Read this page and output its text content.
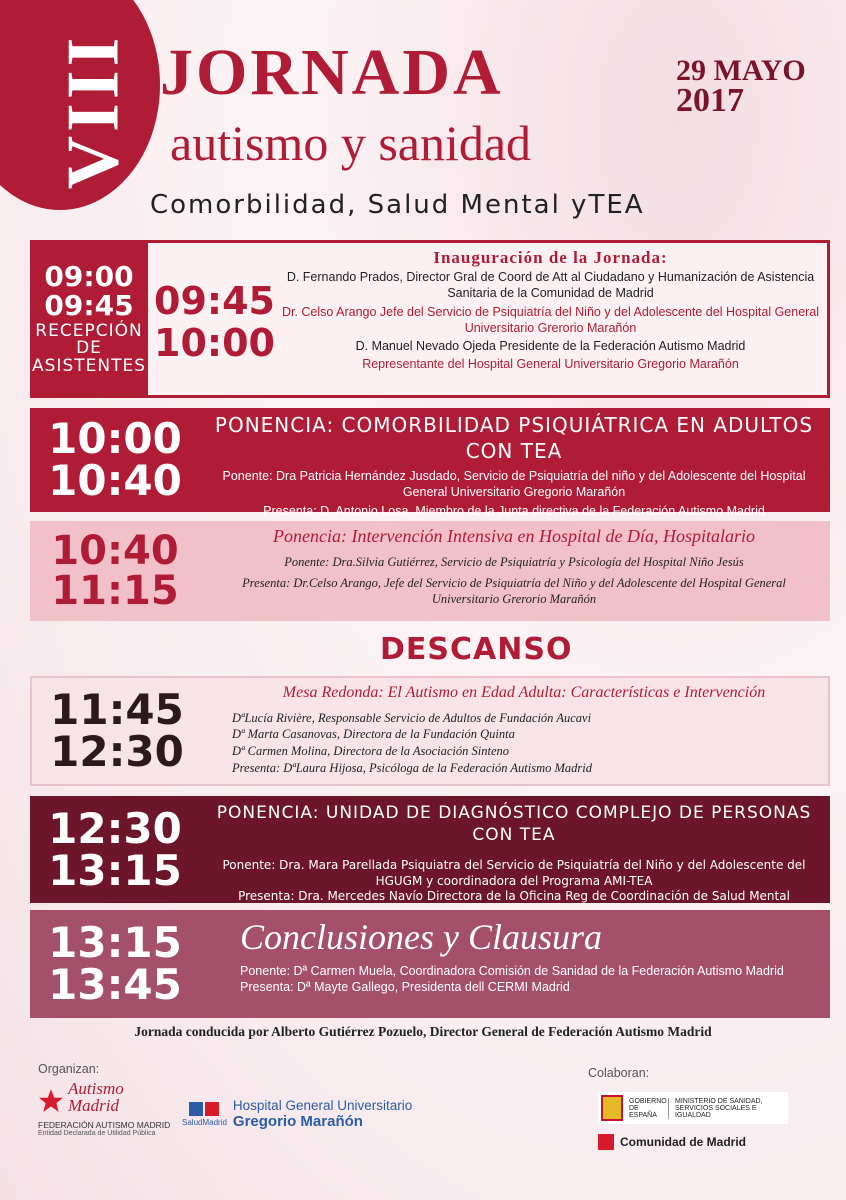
VIII JORNADA
autismo y sanidad
Comorbilidad, Salud Mental yTEA
29 MAYO
2017
09:00
09:45
RECEPCIÓN DE ASISTENTES
09:45
10:00
Inauguración de la Jornada:
D. Fernando Prados, Director Gral de Coord de Att al Ciudadano y Humanización de Asistencia Sanitaria de la Comunidad de Madrid
Dr. Celso Arango Jefe del Servicio de Psiquiatría del Niño y del Adolescente del Hospital General Universitario Grerorio Marañón
D. Manuel Nevado Ojeda Presidente de la Federación Autismo Madrid
Representante del Hospital General Universitario Gregorio Marañón
10:00
10:40
PONENCIA: COMORBILIDAD PSIQUIÁTRICA EN ADULTOS CON TEA
Ponente: Dra Patricia Hernández Jusdado, Servicio de Psiquiatría del niño y del Adolescente del Hospital General Universitario Gregorio Marañón
Presenta: D. Antonio Losa, Miembro de la Junta directiva de la Federación Autismo Madrid
10:40
11:15
Ponencia: Intervención Intensiva en Hospital de Día, Hospitalario
Ponente: Dra.Silvia Gutiérrez, Servicio de Psiquiatría y Psicología del Hospital Niño Jesús
Presenta: Dr.Celso Arango, Jefe del Servicio de Psiquiatría del Niño y del Adolescente del Hospital General Universitario Grerorio Marañón
DESCANSO
11:45
12:30
Mesa Redonda: El Autismo en Edad Adulta: Características e Intervención
DªLucía Rivière, Responsable Servicio de Adultos de Fundación Aucavi
Dª Marta Casanovas, Directora de la Fundación Quinta
Dª Carmen Molina, Directora de la Asociación Sinteno
Presenta: DªLaura Hijosa, Psicóloga de la Federación Autismo Madrid
12:30
13:15
PONENCIA: UNIDAD DE DIAGNÓSTICO COMPLEJO DE PERSONAS CON TEA
Ponente: Dra. Mara Parellada Psiquiatra del Servicio de Psiquiatría del Niño y del Adolescente del HGUGM y coordinadora del Programa AMI-TEA
Presenta: Dra. Mercedes Navío Directora de la Oficina Reg de Coordinación de Salud Mental
13:15
13:45
Conclusiones y Clausura
Ponente: Dª Carmen Muela, Coordinadora Comisión de Sanidad de la Federación Autismo Madrid
Presenta: Dª Mayte Gallego, Presidenta dell CERMI Madrid
Jornada conducida por Alberto Gutiérrez Pozuelo, Director General de Federación Autismo Madrid
Organizan:	Colaboran:
Autismo Madrid
FEDERACIÓN AUTISMO MADRID
Entidad Declarada de Utilidad Pública
SaludMadrid
Hospital General Universitario
Gregorio Marañón
GOBIERNO DE ESPAÑA
MINISTERIO DE SANIDAD, SERVICIOS SOCIALES E IGUALDAD
Comunidad de Madrid
